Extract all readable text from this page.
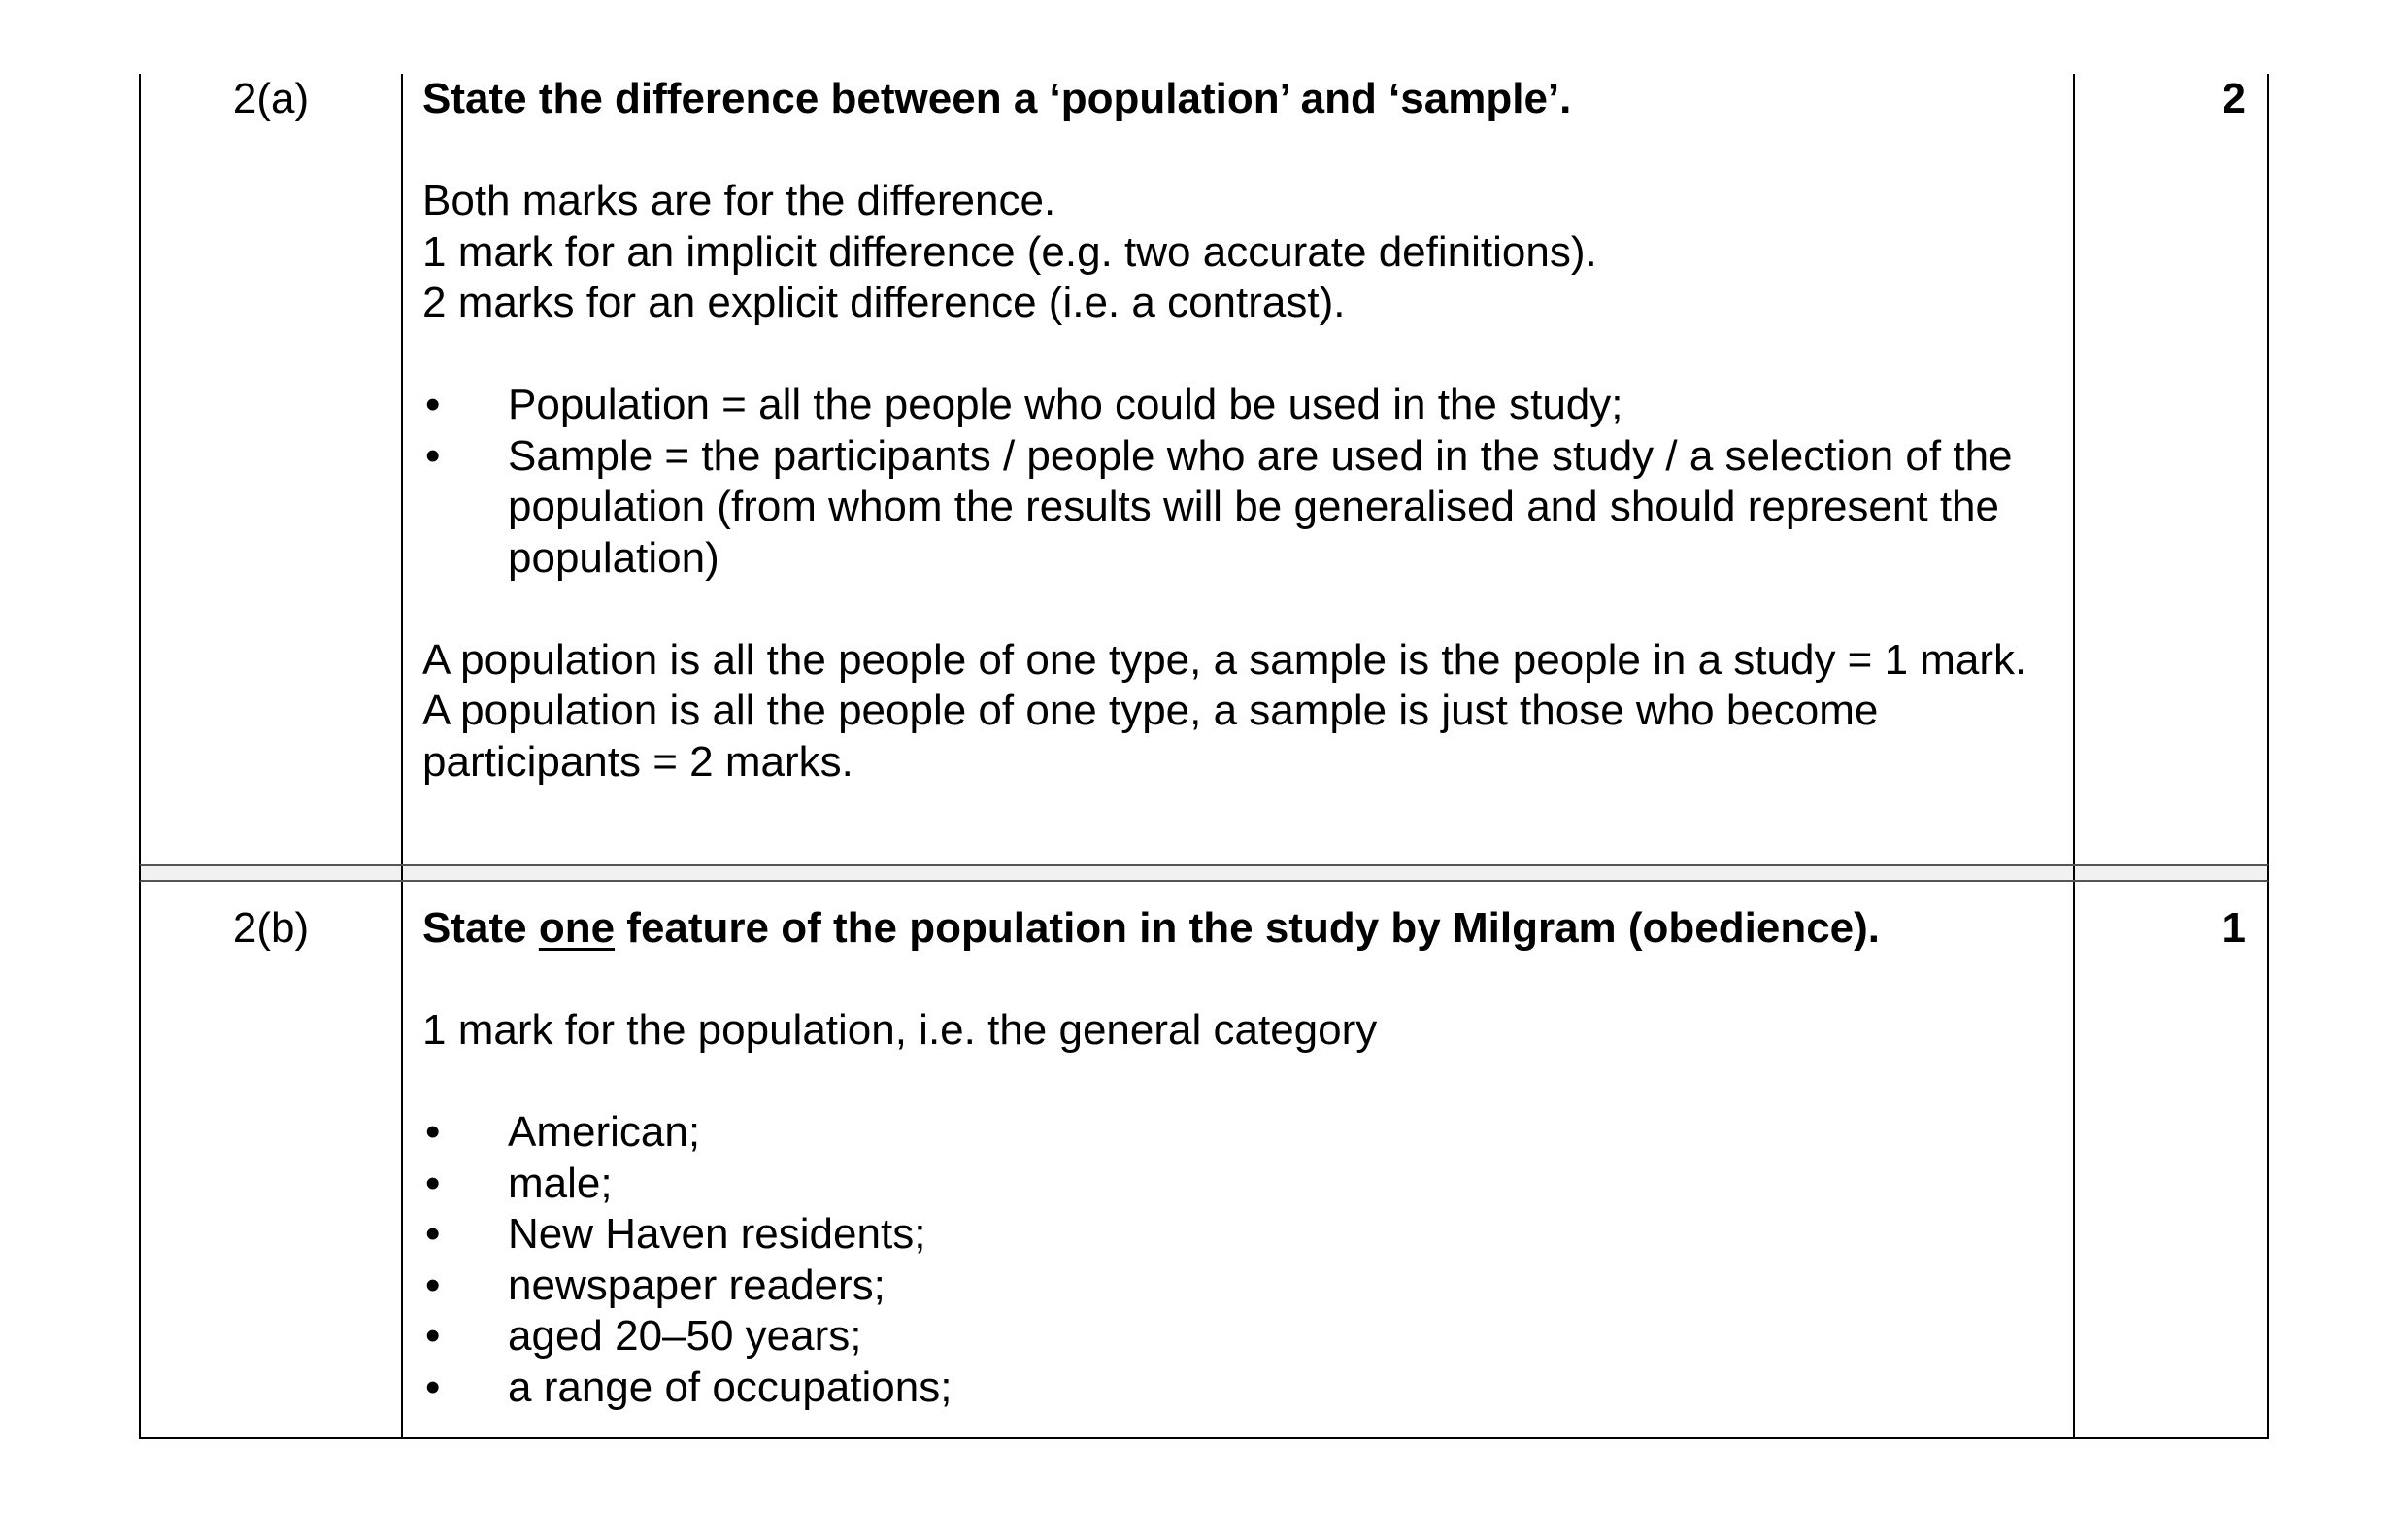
2(a)	State the difference between a ‘population’ and ‘sample’.

Both marks are for the difference.

1 mark for an implicit difference (e.g. two accurate definitions).

2 marks for an explicit difference (i.e. a contrast).

•	Population = all the people who could be used in the study;
•	Sample = the participants / people who are used in the study / a selection of the population (from whom the results will be generalised and should represent the population)

A population is all the people of one type, a sample is the people in a study = 1 mark.

A population is all the people of one type, a sample is just those who become participants = 2 marks.

2
2(b)	State one feature of the population in the study by Milgram (obedience).

1 mark for the population, i.e. the general category

•	American;
•	male;
•	New Haven residents;
•	newspaper readers;
•	aged 20–50 years;
•	a range of occupations;
1
